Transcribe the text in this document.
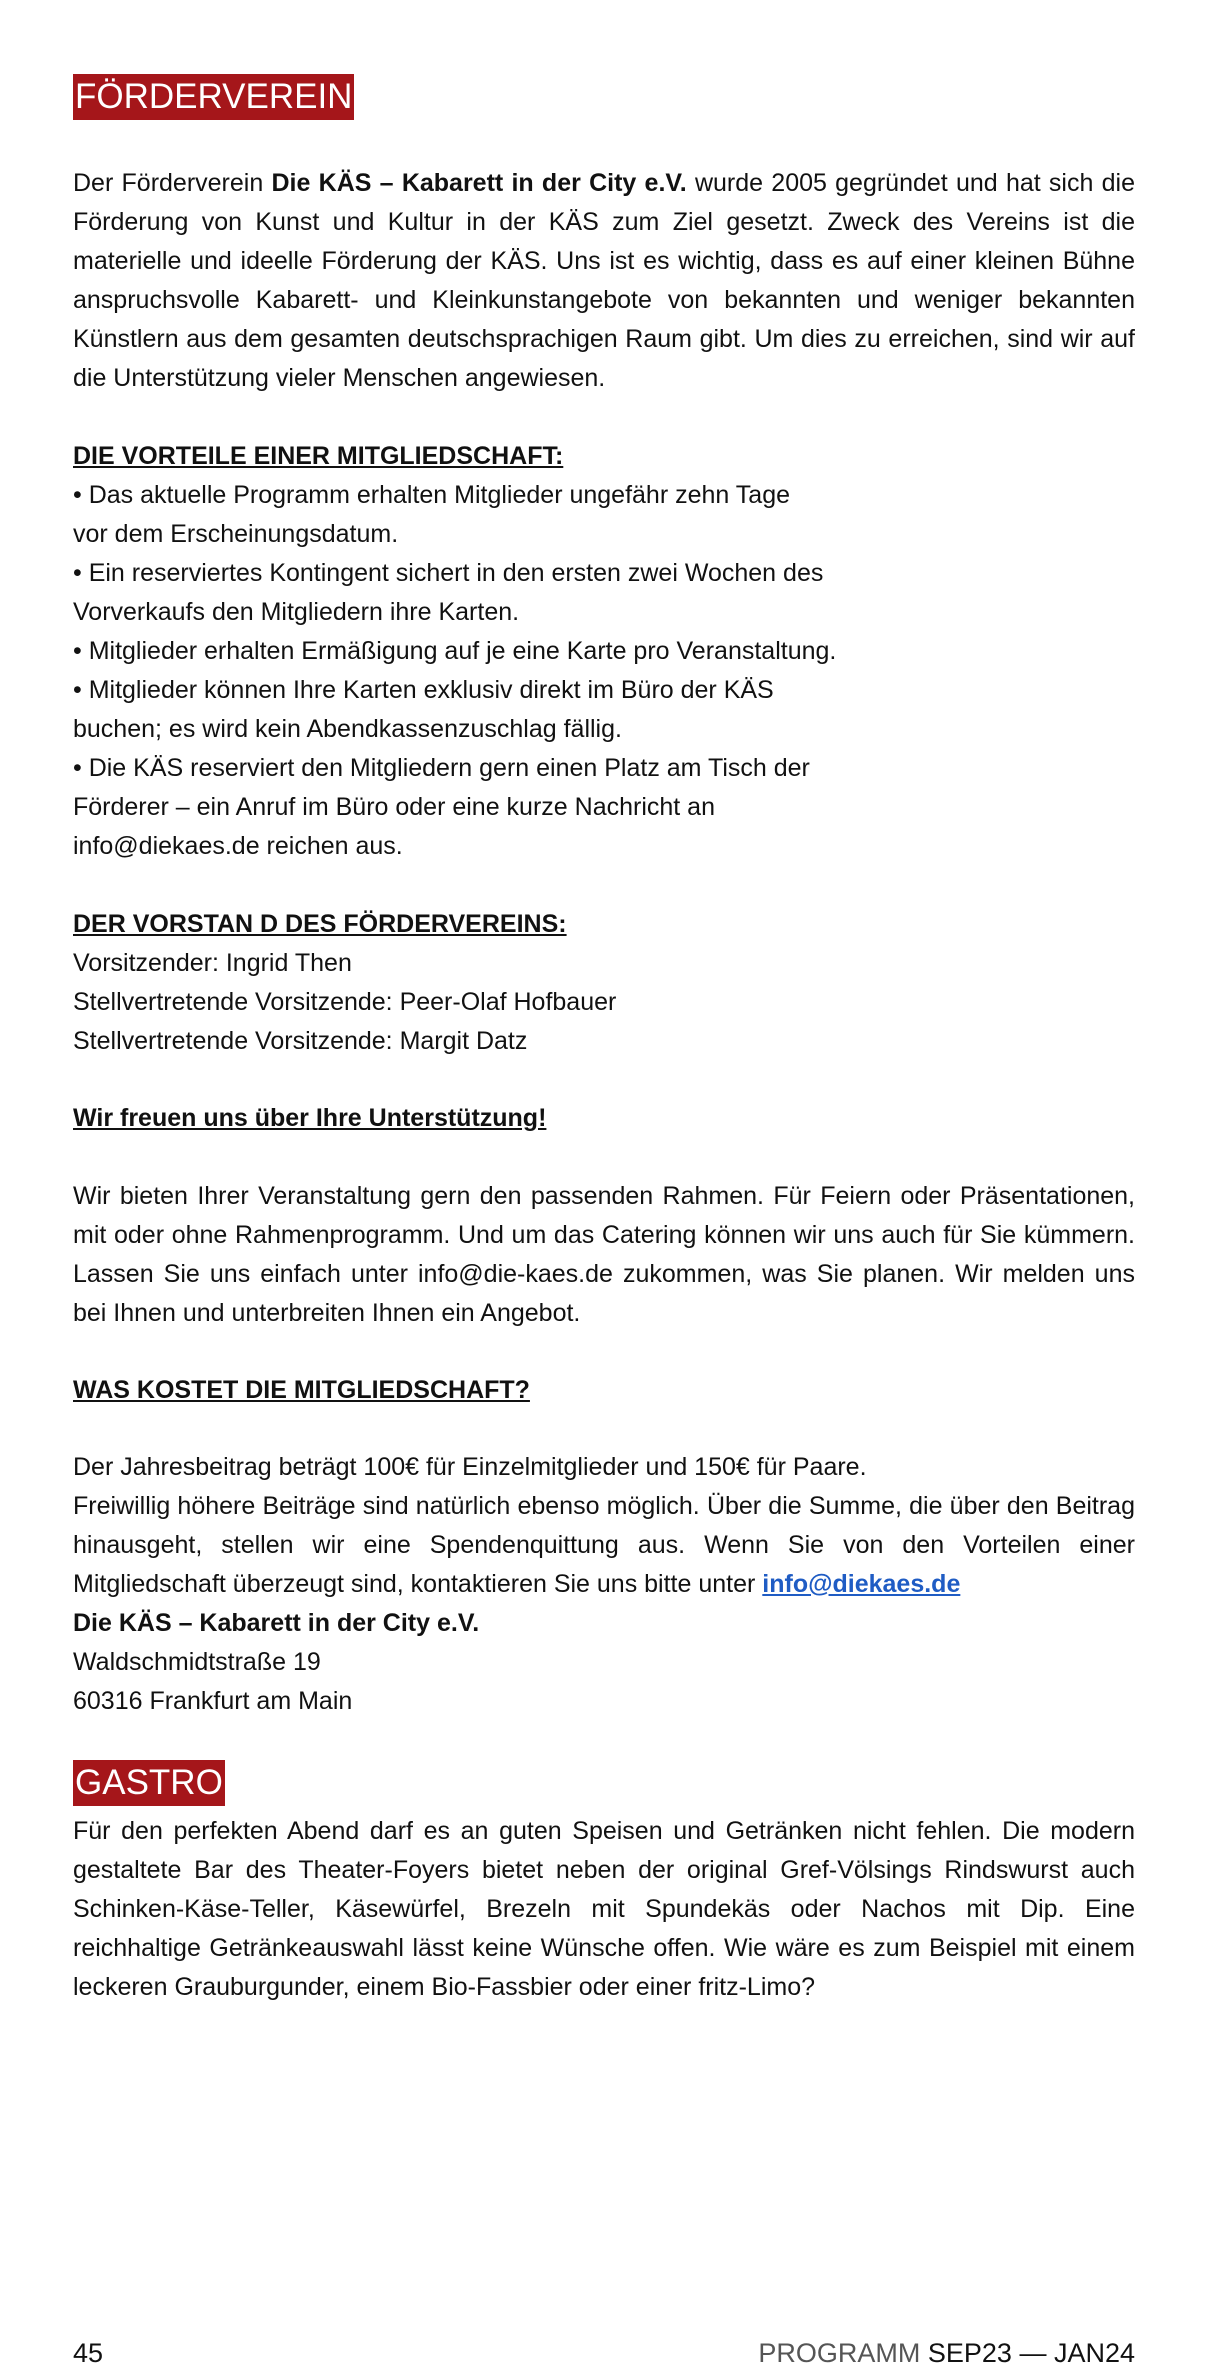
FÖRDERVEREIN

Der Förderverein Die KÄS – Kabarett in der City e.V. wurde 2005 gegründet und hat sich die Förderung von Kunst und Kultur in der KÄS zum Ziel gesetzt. Zweck des Vereins ist die materielle und ideelle Förderung der KÄS. Uns ist es wichtig, dass es auf einer kleinen Bühne anspruchsvolle Kabarett- und Kleinkunstangebote von bekannten und weniger bekannten Künstlern aus dem gesamten deutschsprachigen Raum gibt. Um dies zu erreichen, sind wir auf die Unterstützung vieler Menschen angewiesen.

DIE VORTEILE EINER MITGLIEDSCHAFT:

• Das aktuelle Programm erhalten Mitglieder ungefähr zehn Tage
vor dem Erscheinungsdatum.
• Ein reserviertes Kontingent sichert in den ersten zwei Wochen des
Vorverkaufs den Mitgliedern ihre Karten.
• Mitglieder erhalten Ermäßigung auf je eine Karte pro Veranstaltung.
• Mitglieder können Ihre Karten exklusiv direkt im Büro der KÄS
buchen; es wird kein Abendkassenzuschlag fällig.
• Die KÄS reserviert den Mitgliedern gern einen Platz am Tisch der
Förderer – ein Anruf im Büro oder eine kurze Nachricht an
info@diekaes.de reichen aus.

DER VORSTAN D DES FÖRDERVEREINS:

Vorsitzender: Ingrid Then
Stellvertretende Vorsitzende: Peer-Olaf Hofbauer
Stellvertretende Vorsitzende: Margit Datz

Wir freuen uns über Ihre Unterstützung!

Wir bieten Ihrer Veranstaltung gern den passenden Rahmen. Für Feiern oder Präsentationen, mit oder ohne Rahmenprogramm. Und um das Catering können wir uns auch für Sie kümmern. Lassen Sie uns einfach unter info@die-kaes.de zukommen, was Sie planen. Wir melden uns bei Ihnen und unterbreiten Ihnen ein Angebot.

WAS KOSTET DIE MITGLIEDSCHAFT?

Der Jahresbeitrag beträgt 100€ für Einzelmitglieder und 150€ für Paare.

Freiwillig höhere Beiträge sind natürlich ebenso möglich. Über die Summe, die über den Beitrag hinausgeht, stellen wir eine Spendenquittung aus. Wenn Sie von den Vorteilen einer Mitgliedschaft überzeugt sind, kontaktieren Sie uns bitte unter info@diekaes.de

Die KÄS – Kabarett in der City e.V.
Waldschmidtstraße 19
60316 Frankfurt am Main

GASTRO

Für den perfekten Abend darf es an guten Speisen und Getränken nicht fehlen. Die modern gestaltete Bar des Theater-Foyers bietet neben der original Gref-Völsings Rindswurst auch Schinken-Käse-Teller, Käsewürfel, Brezeln mit Spundekäs oder Nachos mit Dip. Eine reichhaltige Getränkeauswahl lässt keine Wünsche offen. Wie wäre es zum Beispiel mit einem leckeren Grauburgunder, einem Bio-Fassbier oder einer fritz-Limo?

45	PROGRAMM SEP23 — JAN24
